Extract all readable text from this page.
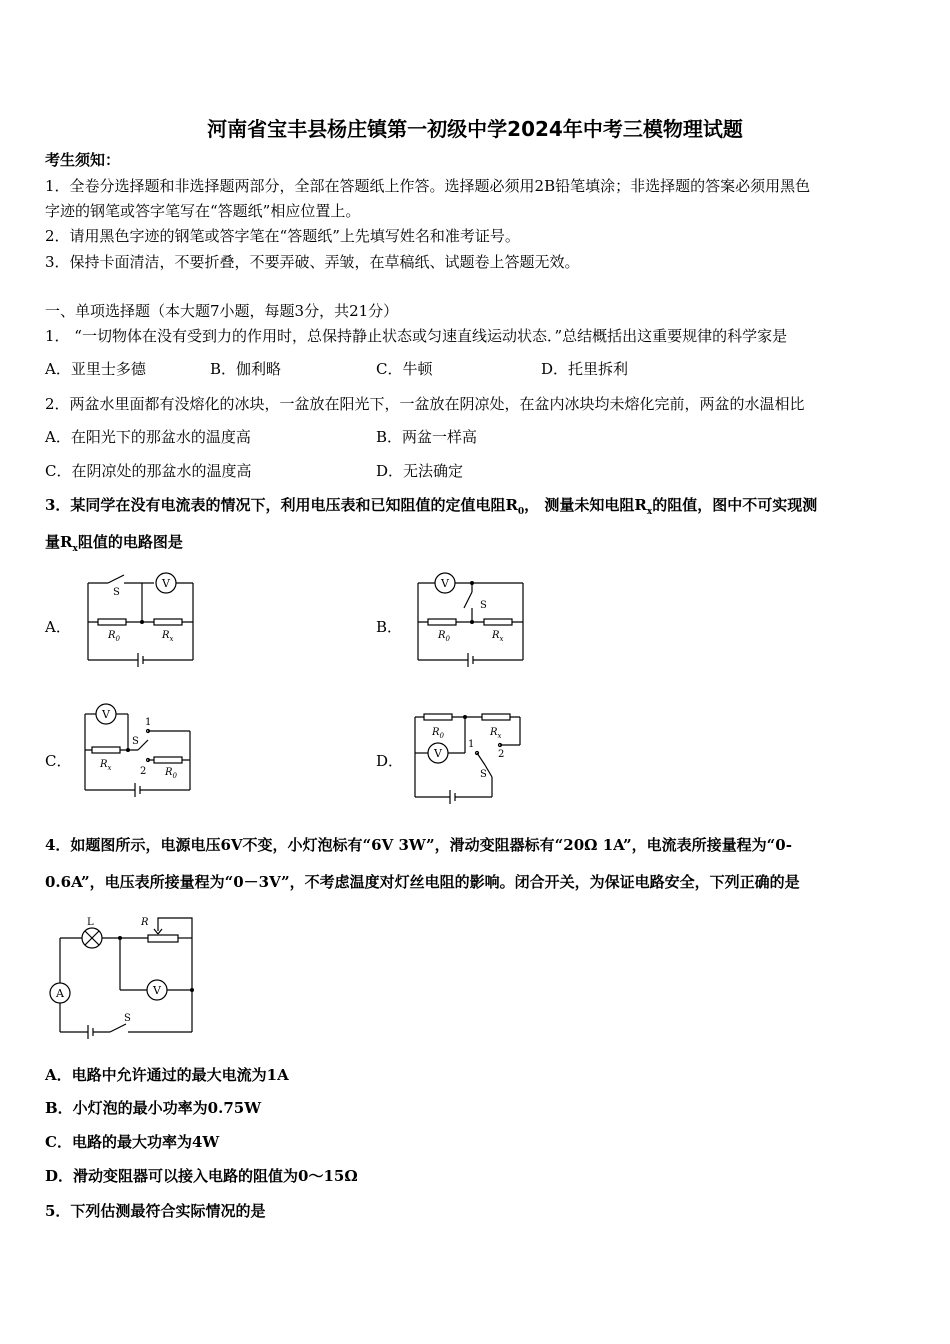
河南省宝丰县杨庄镇第一初级中学2024年中考三模物理试题
考生须知：
1．全卷分选择题和非选择题两部分，全部在答题纸上作答。选择题必须用2B铅笔填涂；非选择题的答案必须用黑色
字迹的钢笔或答字笔写在“答题纸”相应位置上。
2．请用黑色字迹的钢笔或答字笔在“答题纸”上先填写姓名和准考证号。
3．保持卡面清洁，不要折叠，不要弄破、弄皱，在草稿纸、试题卷上答题无效。
一、单项选择题（本大题7小题，每题3分，共21分）
1． “一切物体在没有受到力的作用时，总保持静止状态或匀速直线运动状态．”总结概括出这重要规律的科学家是
A．亚里士多德	B．伽利略	C．牛顿	D．托里拆利
2．两盆水里面都有没熔化的冰块，一盆放在阳光下，一盆放在阴凉处，在盆内冰块均未熔化完前，两盆的水温相比
A．在阳光下的那盆水的温度高	B．两盆一样高
C．在阴凉处的那盆水的温度高	D．无法确定
3．某同学在没有电流表的情况下，利用电压表和已知阻值的定值电阻$R_0$， 测量未知电阻$R_x$的阻值，图中不可实现测
量$R_x$阻值的电路图是
A．	B．
C．	D．
V
S
$R_0$	$R_x$
V
S
$R_0$	$R_x$
V
1
S
2
$R_x$	$R_0$
$R_0$	$R_x$
V
1
2
S
4．如题图所示，电源电压6V不变，小灯泡标有“6V 3W”，滑动变阻器标有“20Ω 1A”，电流表所接量程为“0-
0.6A”，电压表所接量程为“0－3V”，不考虑温度对灯丝电阻的影响。闭合开关，为保证电路安全，下列正确的是
L	R
V
A
S
A．电路中允许通过的最大电流为1A
B．小灯泡的最小功率为0.75W
C．电路的最大功率为4W
D．滑动变阻器可以接入电路的阻值为0～15Ω
5．下列估测最符合实际情况的是
